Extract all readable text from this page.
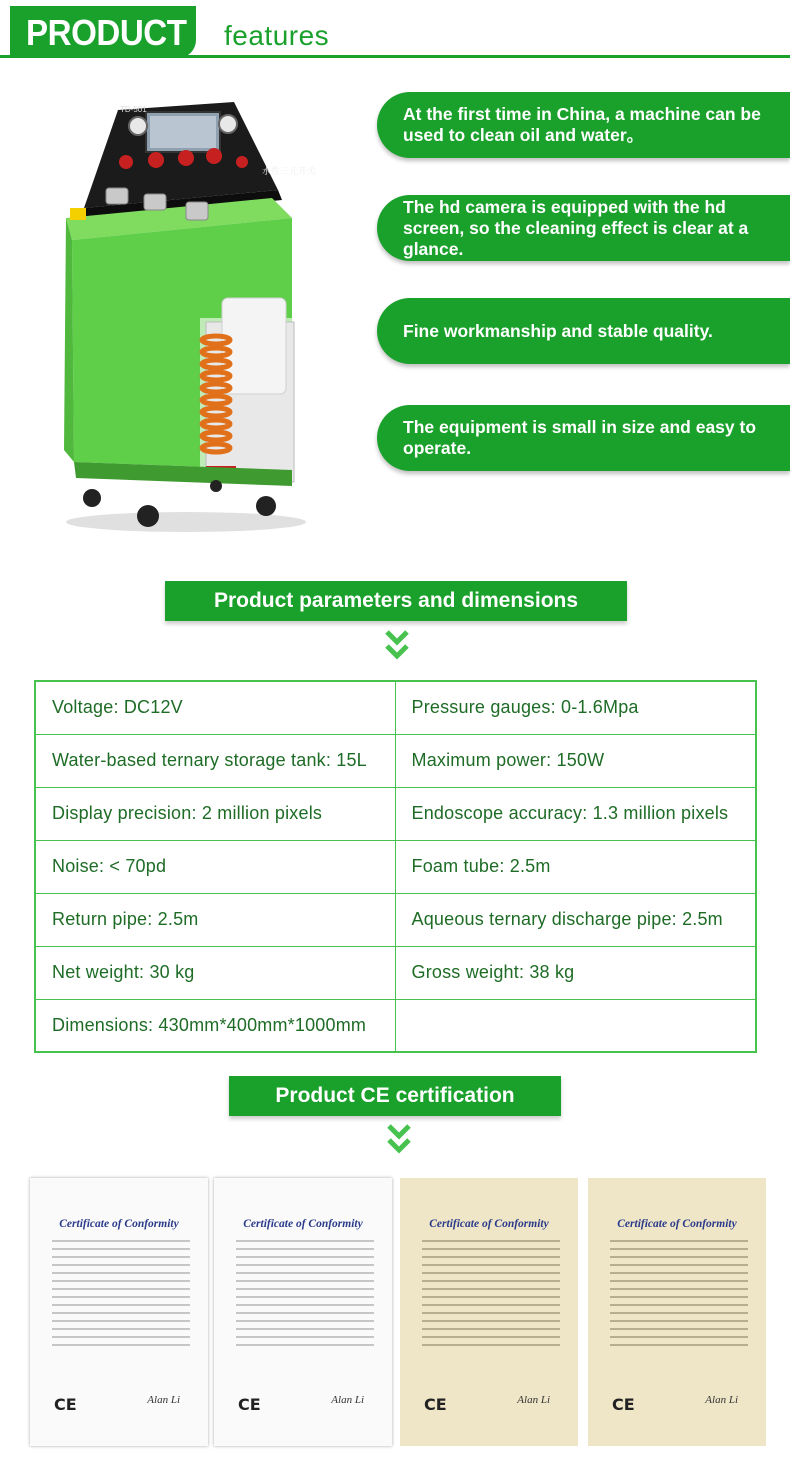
PRODUCT features
TD-501
水性三元开关
At the first time in China, a machine can be used to clean oil and water。
The hd camera is equipped with the hd screen, so the cleaning effect is clear at a glance.
Fine workmanship and stable quality.
The equipment is small in size and easy to operate.
Product parameters and dimensions
Voltage: DC12V	Pressure gauges: 0-1.6Mpa
Water-based ternary storage tank: 15L	Maximum power: 150W
Display precision: 2 million pixels	Endoscope accuracy: 1.3 million pixels
Noise: < 70pd	Foam tube: 2.5m
Return pipe: 2.5m	Aqueous ternary discharge pipe: 2.5m
Net weight: 30 kg	Gross weight: 38 kg
Dimensions: 430mm*400mm*1000mm	
Product CE certification
Certificate of Conformity
CE	Alan Li
Certificate of Conformity
CE	Alan Li
Certificate of Conformity
CE	Alan Li
Certificate of Conformity
CE	Alan Li
